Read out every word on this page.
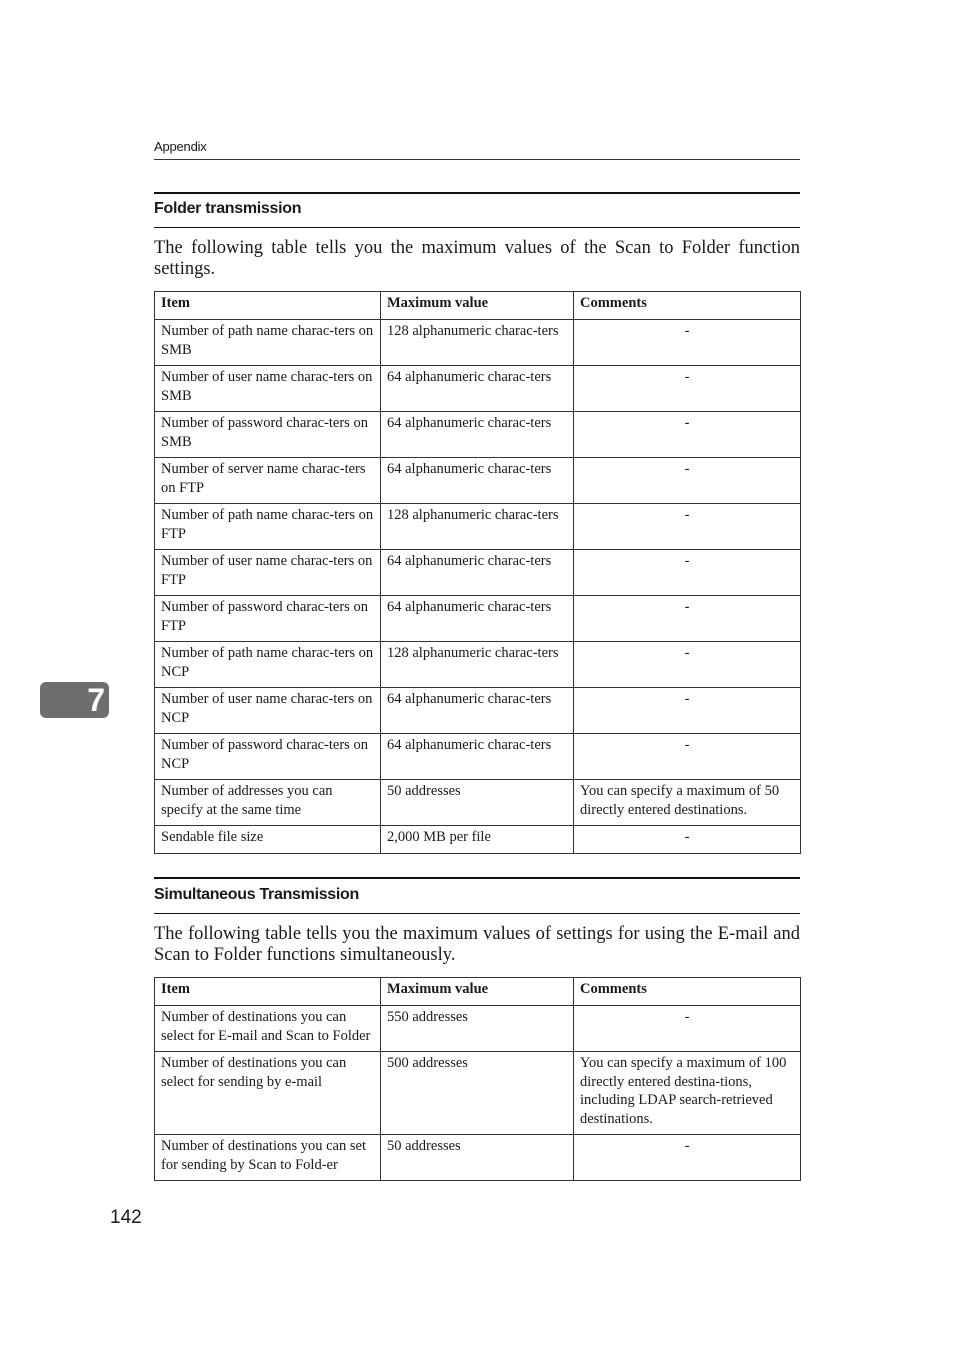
Appendix
Folder transmission
The following table tells you the maximum values of the Scan to Folder function settings.
Item	Maximum value	Comments
Number of path name charac-ters on SMB	128 alphanumeric charac-ters	-
Number of user name charac-ters on SMB	64 alphanumeric charac-ters	-
Number of password charac-ters on SMB	64 alphanumeric charac-ters	-
Number of server name charac-ters on FTP	64 alphanumeric charac-ters	-
Number of path name charac-ters on FTP	128 alphanumeric charac-ters	-
Number of user name charac-ters on FTP	64 alphanumeric charac-ters	-
Number of password charac-ters on FTP	64 alphanumeric charac-ters	-
Number of path name charac-ters on NCP	128 alphanumeric charac-ters	-
Number of user name charac-ters on NCP	64 alphanumeric charac-ters	-
Number of password charac-ters on NCP	64 alphanumeric charac-ters	-
Number of addresses you can specify at the same time	50 addresses	You can specify a maximum of 50 directly entered destinations.
Sendable file size	2,000 MB per file	-
7
Simultaneous Transmission
The following table tells you the maximum values of settings for using the E-mail and Scan to Folder functions simultaneously.
Item	Maximum value	Comments
Number of destinations you can select for E-mail and Scan to Folder	550 addresses	-
Number of destinations you can select for sending by e-mail	500 addresses	You can specify a maximum of 100 directly entered destina-tions, including LDAP search-retrieved destinations.
Number of destinations you can set for sending by Scan to Fold-er	50 addresses	-
142
